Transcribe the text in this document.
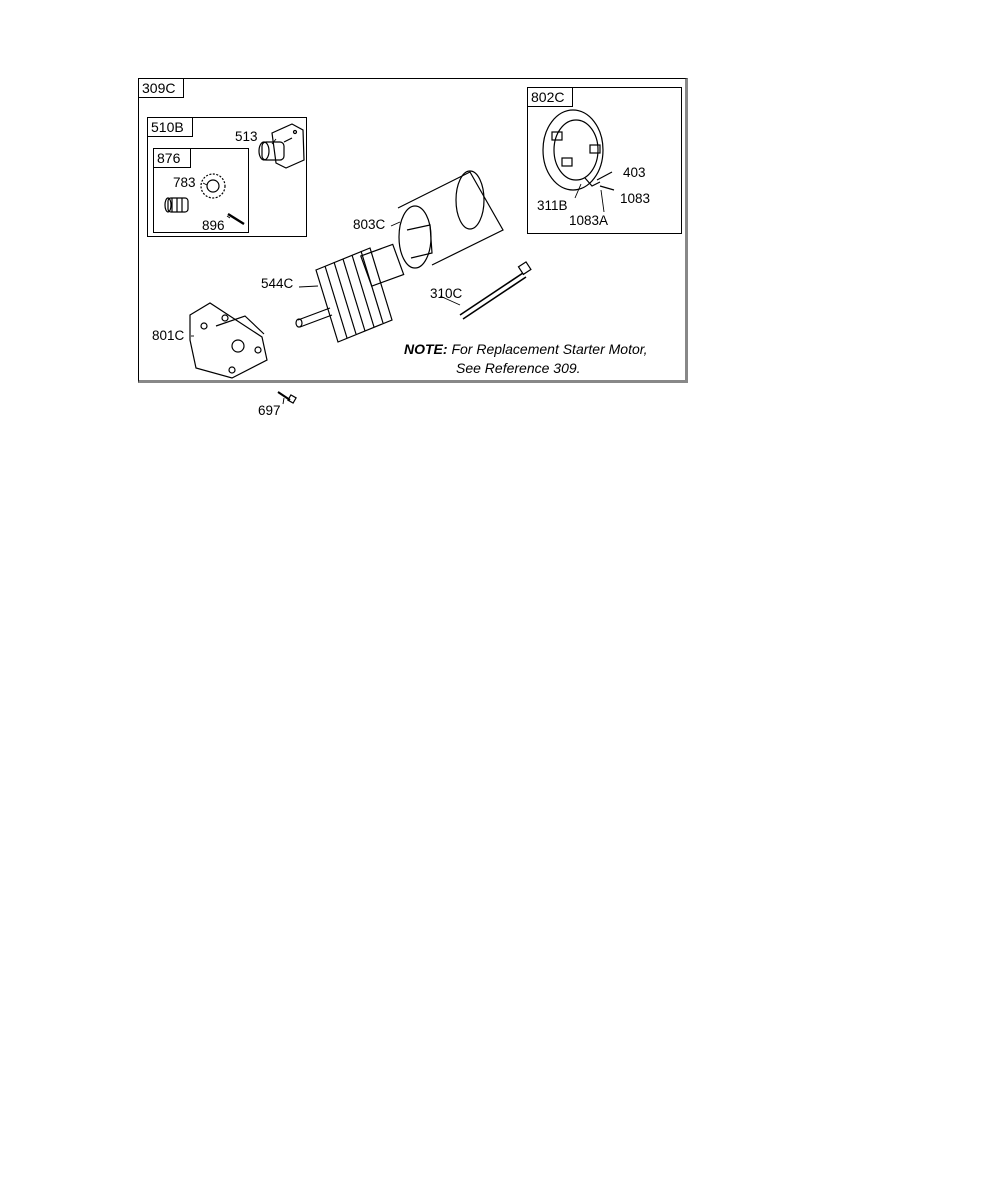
309C
510B
876
802C
513
783
896	803C
544C
310C
801C
697
403
1083
311B
1083A
NOTE: For Replacement Starter Motor,
See Reference 309.
